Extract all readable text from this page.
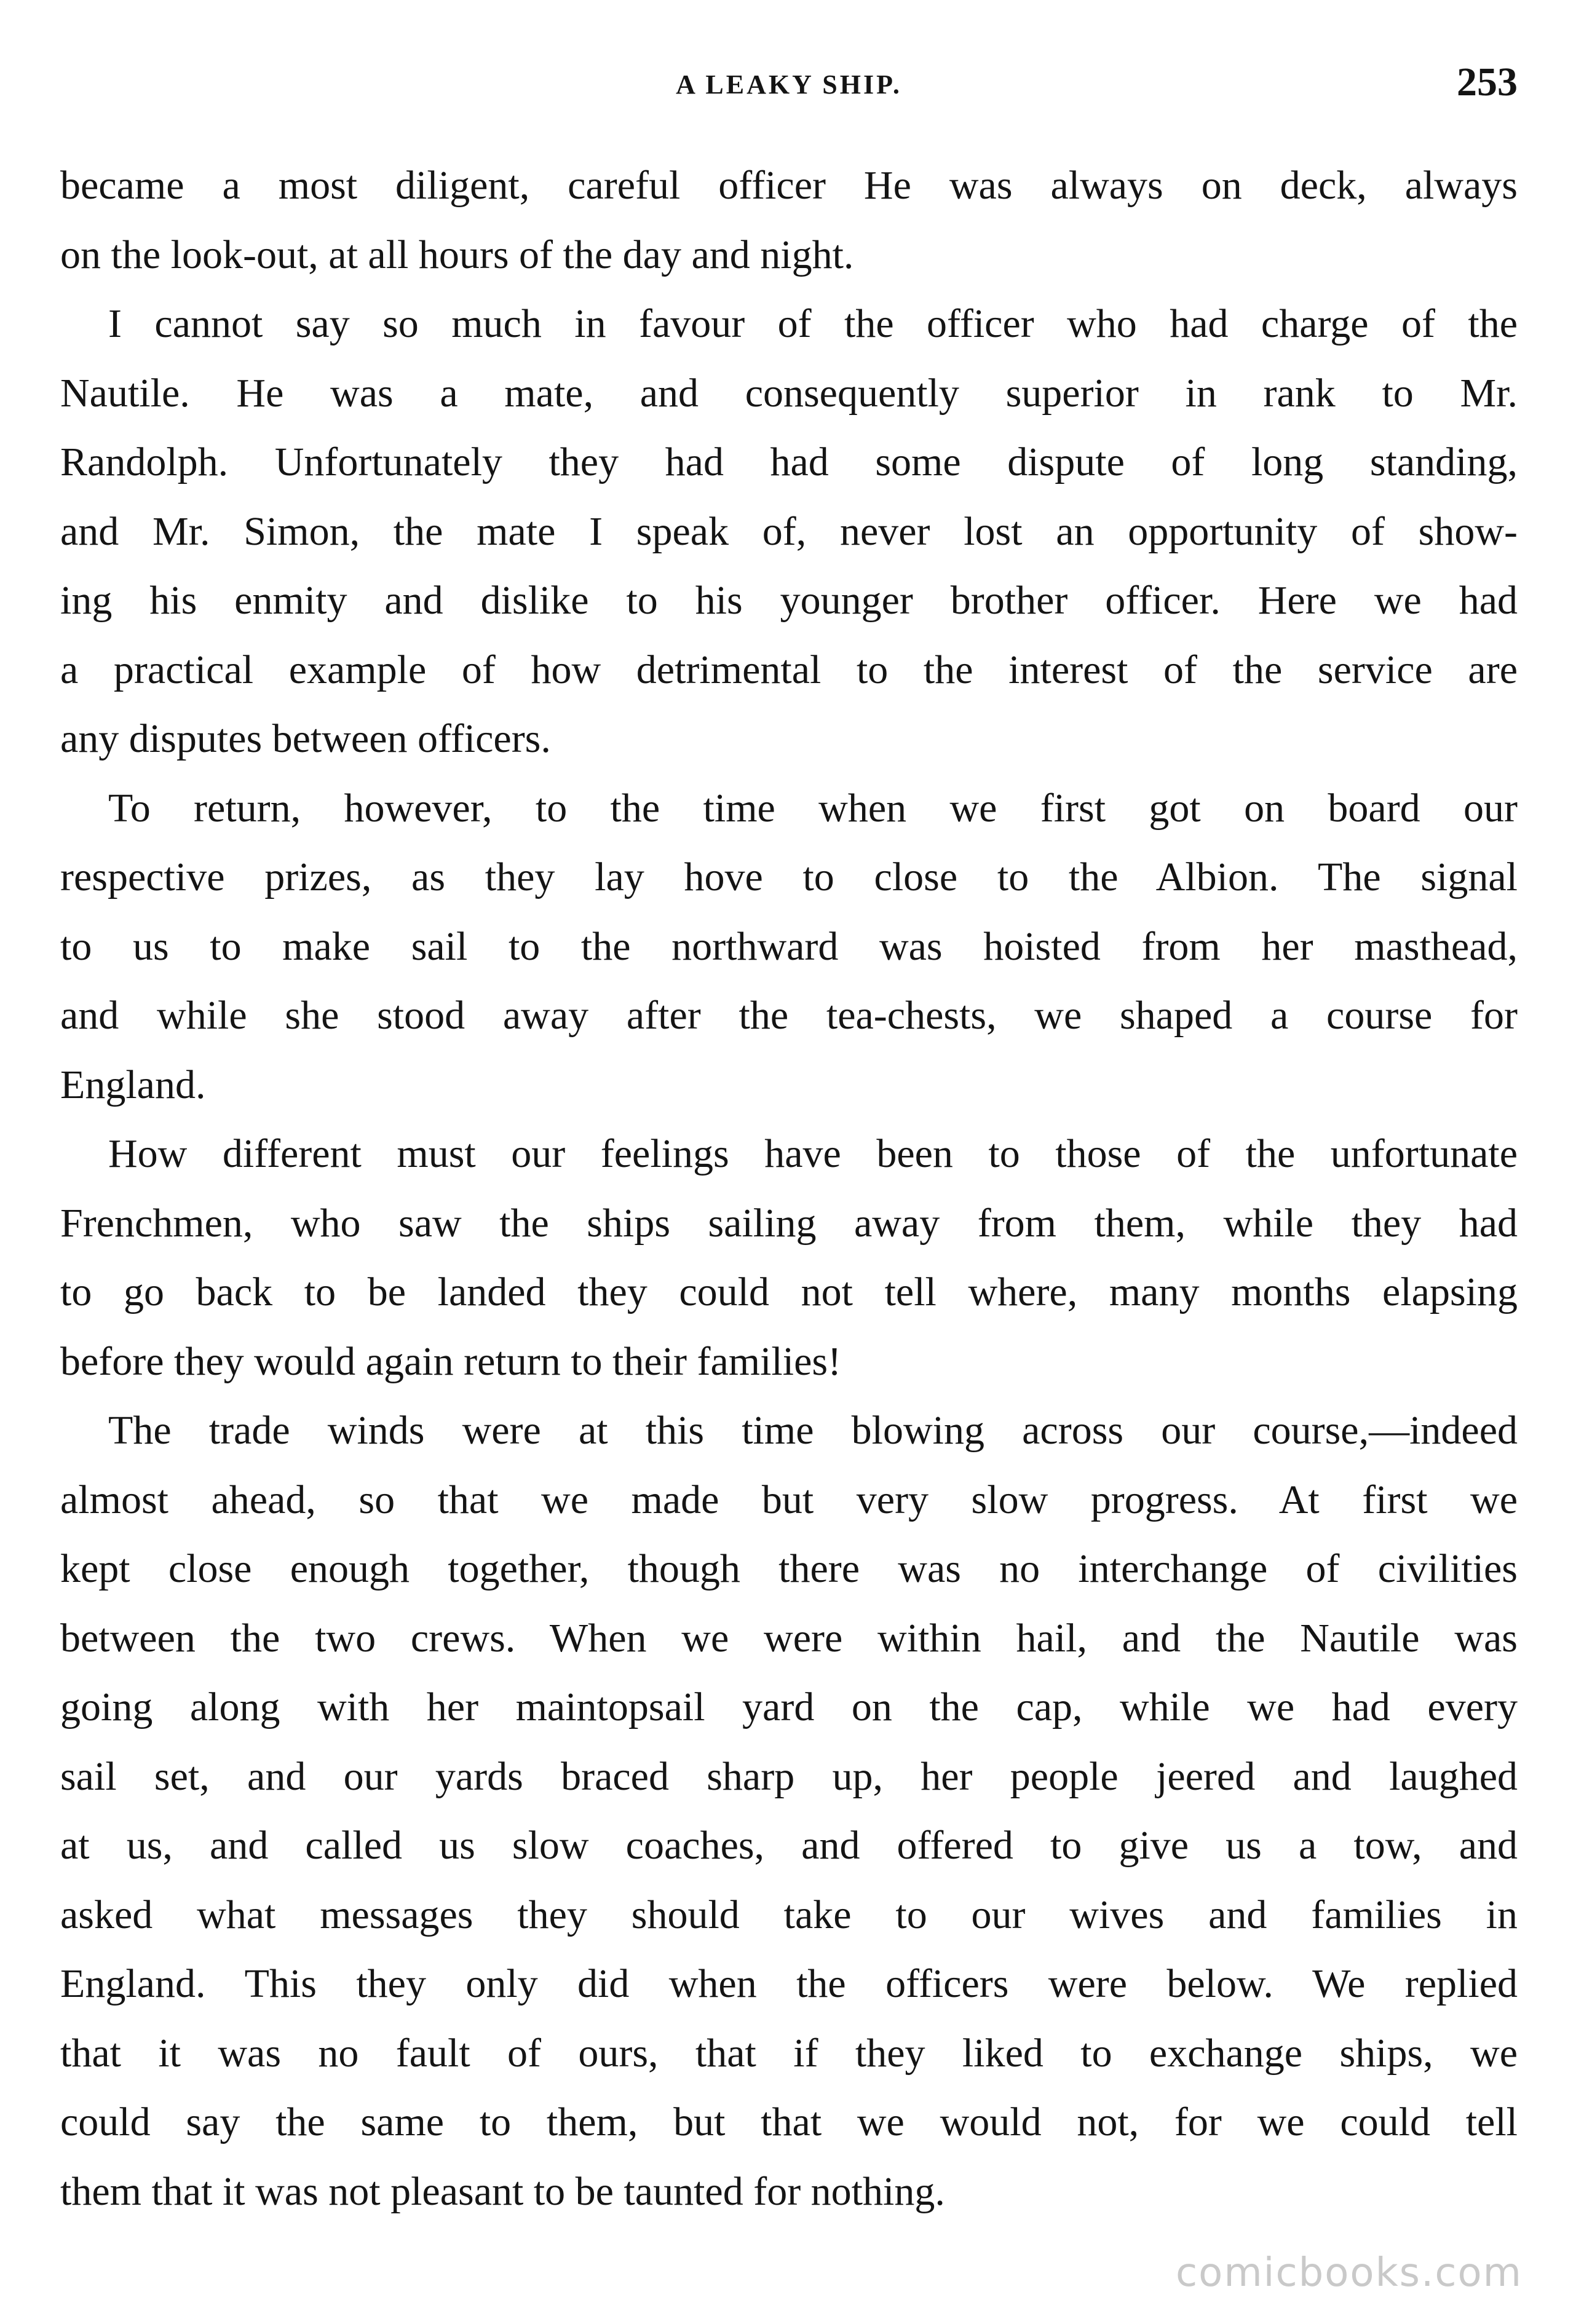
A LEAKY SHIP.	253
became a most diligent, careful officer He was always on deck, always
on the look-out, at all hours of the day and night.
I cannot say so much in favour of the officer who had charge of the
Nautile. He was a mate, and consequently superior in rank to Mr.
Randolph. Unfortunately they had had some dispute of long standing,
and Mr. Simon, the mate I speak of, never lost an opportunity of show-
ing his enmity and dislike to his younger brother officer. Here we had
a practical example of how detrimental to the interest of the service are
any disputes between officers.
To return, however, to the time when we first got on board our
respective prizes, as they lay hove to close to the Albion. The signal
to us to make sail to the northward was hoisted from her masthead,
and while she stood away after the tea-chests, we shaped a course for
England.
How different must our feelings have been to those of the unfortunate
Frenchmen, who saw the ships sailing away from them, while they had
to go back to be landed they could not tell where, many months elapsing
before they would again return to their families!
The trade winds were at this time blowing across our course,—indeed
almost ahead, so that we made but very slow progress. At first we
kept close enough together, though there was no interchange of civilities
between the two crews. When we were within hail, and the Nautile was
going along with her maintopsail yard on the cap, while we had every
sail set, and our yards braced sharp up, her people jeered and laughed
at us, and called us slow coaches, and offered to give us a tow, and
asked what messages they should take to our wives and families in
England. This they only did when the officers were below. We replied
that it was no fault of ours, that if they liked to exchange ships, we
could say the same to them, but that we would not, for we could tell
them that it was not pleasant to be taunted for nothing.
comicbooks.com
